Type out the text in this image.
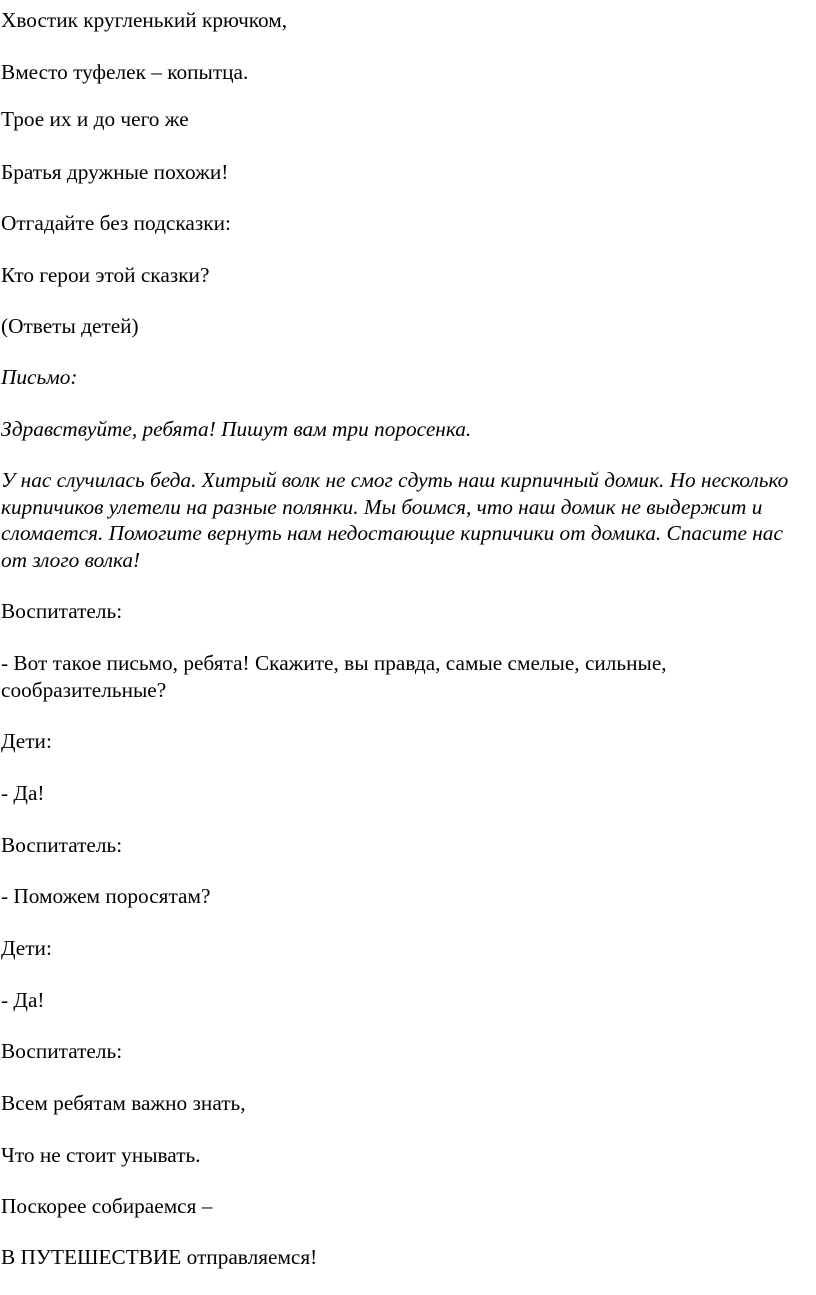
Хвостик кругленький крючком,

Вместо туфелек – копытца.

Трое их и до чего же

Братья дружные похожи!

Отгадайте без подсказки:

Кто герои этой сказки?

(Ответы детей)

Письмо:

Здравствуйте, ребята! Пишут вам три поросенка.

У нас случилась беда. Хитрый волк не смог сдуть наш кирпичный домик. Но несколько кирпичиков улетели на разные полянки. Мы боимся, что наш домик не выдержит и сломается. Помогите вернуть нам недостающие кирпичики от домика. Спасите нас от злого волка!

Воспитатель:

- Вот такое письмо, ребята! Скажите, вы правда, самые смелые, сильные, сообразительные?

Дети:

- Да!

Воспитатель:

- Поможем поросятам?

Дети:

- Да!

Воспитатель:

Всем ребятам важно знать,

Что не стоит унывать.

Поскорее собираемся –

В ПУТЕШЕСТВИЕ отправляемся!
